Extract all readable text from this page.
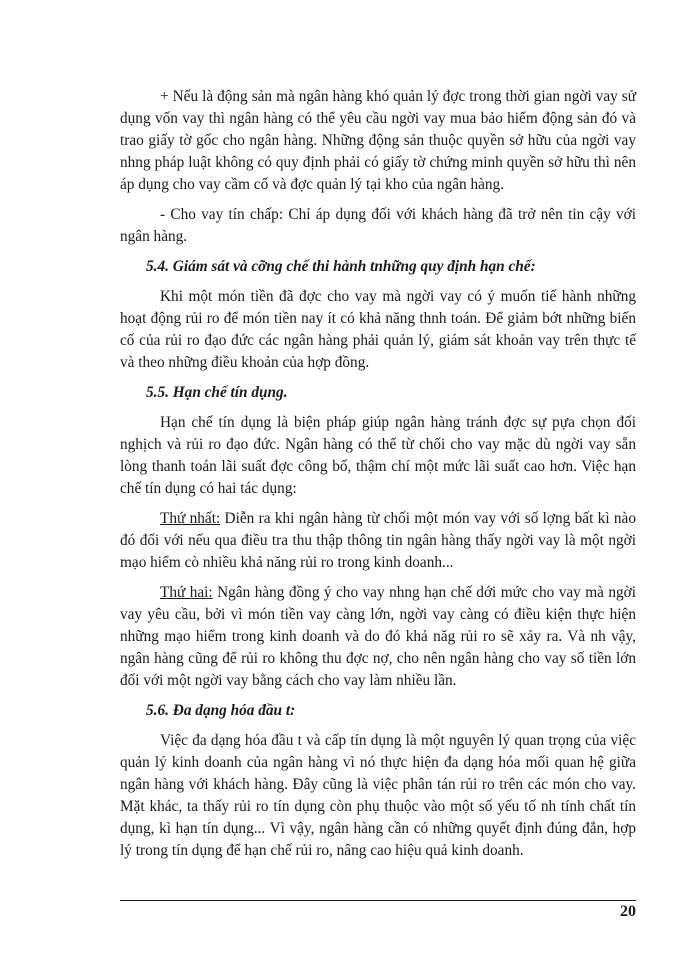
+ Nếu là động sản mà ngân hàng khó quản lý đợc trong thời gian ngời vay sử dụng vốn vay thì ngân hàng có thể yêu cầu ngời vay mua bảo hiểm động sản đó và trao giấy tờ gốc cho ngân hàng. Những động sản thuộc quyền sở hữu của ngời vay nhng pháp luật không có quy định phải có giấy tờ chứng minh quyền sở hữu thì nên áp dụng cho vay cầm cố và đợc quản lý tại kho của ngân hàng.

- Cho vay tín chấp: Chỉ áp dụng đối với khách hàng đã trở nên tin cậy với ngân hàng.

5.4. Giám sát và cỡng chế thi hành tnhững quy định hạn chế:

Khi một món tiền đã đợc cho vay mà ngời vay có ý muốn tiế hành những hoạt động rủi ro để món tiền nay ít có khả năng thnh toán. Để giảm bớt những biến cố của rủi ro đạo đức các ngân hàng phải quản lý, giám sát khoản vay trên thực tế và theo những điều khoản của hợp đồng.

5.5. Hạn chế tín dụng.

Hạn chế tín dụng là biện pháp giúp ngân hàng tránh đợc sự pựa chọn đối nghịch và rủi ro đạo đức. Ngân hàng có thể từ chối cho vay mặc dù ngời vay sẵn lòng thanh toán lãi suất đợc công bố, thậm chí một mức lãi suất cao hơn. Việc hạn chế tín dụng có hai tác dụng:

Thứ nhất: Diễn ra khi ngân hàng từ chối một món vay với số lợng bất kì nào đó đối với nếu qua điều tra thu thập thông tin ngân hàng thấy ngời vay là một ngời mạo hiểm cò nhiều khả năng rủi ro trong kinh doanh...

Thứ hai: Ngân hàng đồng ý cho vay nhng hạn chế dới mức cho vay mà ngời vay yêu cầu, bởi vì món tiền vay càng lớn, ngời vay càng có điều kiện thực hiện những mạo hiểm trong kinh doanh và do đó khả năg rủi ro sẽ xảy ra. Và nh vậy, ngân hàng cũng để rủi ro không thu đợc nợ, cho nên ngân hàng cho vay số tiền lớn đối với một ngời vay bằng cách cho vay làm nhiều lần.

5.6. Đa dạng hóa đầu t:

Việc đa dạng hóa đầu t và cấp tín dụng là một nguyên lý quan trọng của việc quản lý kinh doanh của ngân hàng vì nó thực hiện đa dạng hóa mối quan hệ giữa ngân hàng với khách hàng. Đây cũng là việc phân tán rủi ro trên các món cho vay. Mặt khác, ta thấy rủi ro tín dụng còn phụ thuộc vào một số yếu tố nh tính chất tín dụng, kì hạn tín dụng... Vì vậy, ngân hàng cần có những quyết định đúng đắn, hợp lý trong tín dụng để hạn chế rủi ro, nâng cao hiệu quả kinh doanh.

20
